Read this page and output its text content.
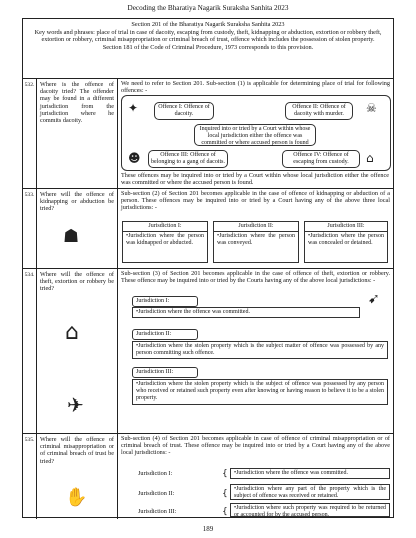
Decoding the Bharatiya Nagarik Suraksha Sanhita 2023
Section 201 of the Bharatiya Nagarik Suraksha Sanhita 2023
Key words and phrases: place of trial in case of dacoity, escaping from custody, theft, kidnapping or abduction, extortion or robbery theft, extortion or robbery, criminal misappropriation or criminal breach of trust, offence which includes the possession of stolen property.
Section 181 of the Code of Criminal Procedure, 1973 corresponds to this provision.
532. Where is the offence of dacoity tried? The offender may be found in a different jurisdiction from the jurisdiction where he commits dacoity.
We need to refer to Section 201. Sub-section (1) is applicable for determining place of trial for following offences: -
Offence I: Offence of dacoity.
Offence II: Offence of dacoity with murder.
Inquired into or tried by a Court within whose local jurisdiction either the offence was committed or where accused person is found
Offence III: Offence of belonging to a gang of dacoits.
Offence IV: Offence of escaping from custody.
✦	☠
☻	⌂
These offences may be inquired into or tried by a Court within whose local jurisdiction either the offence was committed or where the accused person is found.
533. Where will the offence of kidnapping or abduction be tried?
☗
Sub-section (2) of Section 201 becomes applicable in the case of offence of kidnapping or abduction of a person. These offences may be inquired into or tried by a Court having any of the above three local jurisdictions: -
Jurisdiction I:
•Jurisdiction where the person was kidnapped or abducted.
Jurisdiction II:
•Jurisdiction where the person was conveyed.
Jurisdiction III:
•Jurisdiction where the person was concealed or detained.
534. Where will the offence of theft, extortion or robbery be tried?
⌂
✈
Sub-section (3) of Section 201 becomes applicable in the case of offence of theft, extortion or robbery. These offence may be inquired into or tried by the Courts having any of the above local jurisdictions: -
Jurisdiction I:
•Jurisdiction where the offence was committed.
➹
Jurisdiction II:
•Jurisdiction where the stolen property which is the subject matter of offence was possessed by any person committing such offence.
Jurisdiction III:
•Jurisdiction where the stolen property which is the subject of offence was possessed by any person who received or retained such property even after knowing or having reason to believe it to be a stolen property.
535. Where will the offence of criminal misappropriation or of criminal breach of trust be tried?
✋
Sub-section (4) of Section 201 becomes applicable in case of offence of criminal misappropriation or of criminal breach of trust. These offence may be inquired into or tried by a Court having any of the above local jurisdictions: -
Jurisdiction I:	•Jurisdiction where the offence was committed.
Jurisdiction II:
•Jurisdiction where any part of the property which is the subject of offence was received or retained.
Jurisdiction III:	•Jurisdiction where such property was required to be returned or accounted for by the accused person.
{
{
{
189
